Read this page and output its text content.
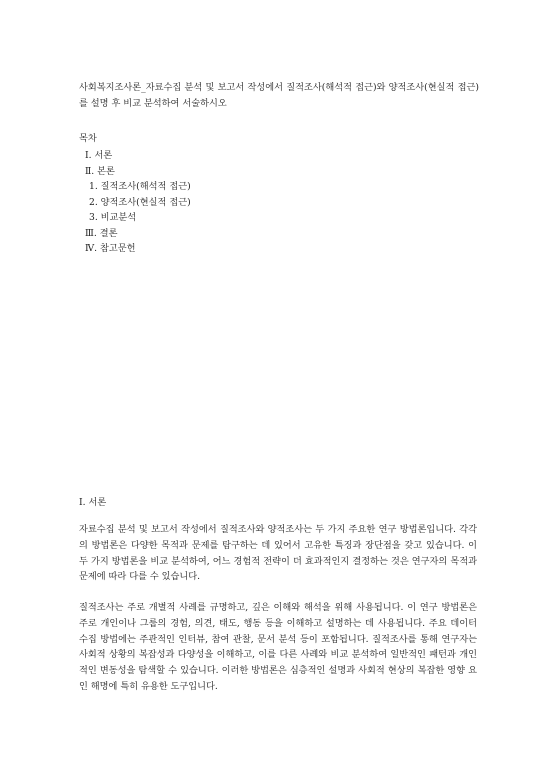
사회복지조사론_자료수집 분석 및 보고서 작성에서 질적조사(해석적 접근)와 양적조사(현실적 접근)를 설명 후 비교 분석하여 서술하시오

목차

Ⅰ. 서론
Ⅱ. 본론
1. 질적조사(해석적 접근)
2. 양적조사(현실적 접근)
3. 비교분석
Ⅲ. 결론
Ⅳ. 참고문헌

Ⅰ. 서론

자료수집 분석 및 보고서 작성에서 질적조사와 양적조사는 두 가지 주요한 연구 방법론입니다. 각각의 방법론은 다양한 목적과 문제를 탐구하는 데 있어서 고유한 특징과 장단점을 갖고 있습니다. 이 두 가지 방법론을 비교 분석하여, 어느 경험적 전략이 더 효과적인지 결정하는 것은 연구자의 목적과 문제에 따라 다를 수 있습니다.

질적조사는 주로 개별적 사례를 규명하고, 깊은 이해와 해석을 위해 사용됩니다. 이 연구 방법론은 주로 개인이나 그룹의 경험, 의견, 태도, 행동 등을 이해하고 설명하는 데 사용됩니다. 주요 데이터 수집 방법에는 주관적인 인터뷰, 참여 관찰, 문서 분석 등이 포함됩니다. 질적조사를 통해 연구자는 사회적 상황의 복잡성과 다양성을 이해하고, 이를 다른 사례와 비교 분석하여 일반적인 패턴과 개인적인 변동성을 탐색할 수 있습니다. 이러한 방법론은 심층적인 설명과 사회적 현상의 복잡한 영향 요인 해명에 특히 유용한 도구입니다.
